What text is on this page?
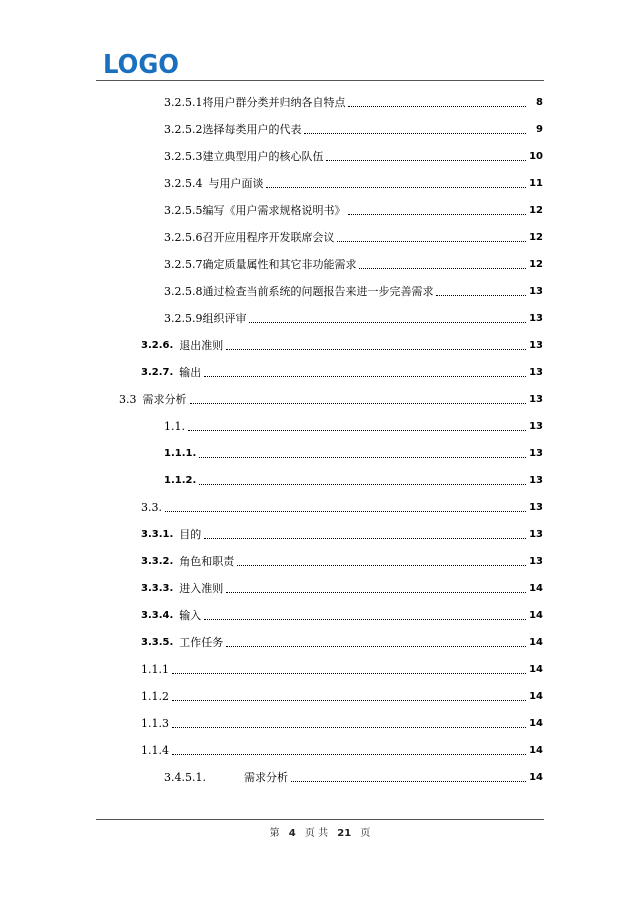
LOGO
3.2.5.1 将用户群分类并归纳各自特点	8
3.2.5.2 选择每类用户的代表	9
3.2.5.3 建立典型用户的核心队伍	10
3.2.5.4 与用户面谈	11
3.2.5.5 编写《用户需求规格说明书》	12
3.2.5.6 召开应用程序开发联席会议	12
3.2.5.7 确定质量属性和其它非功能需求	12
3.2.5.8 通过检查当前系统的问题报告来进一步完善需求	13
3.2.5.9 组织评审	13
3.2.6. 退出准则	13
3.2.7. 输出	13
3.3 需求分析	13
1.1.	13
1.1.1.	13
1.1.2.	13
3.3.	13
3.3.1. 目的	13
3.3.2. 角色和职责	13
3.3.3. 进入准则	14
3.3.4. 输入	14
3.3.5. 工作任务	14
1.1.1	14
1.1.2	14
1.1.3	14
1.1.4	14
3.4.5.1.	需求分析	14
第 4 页 共 21 页
